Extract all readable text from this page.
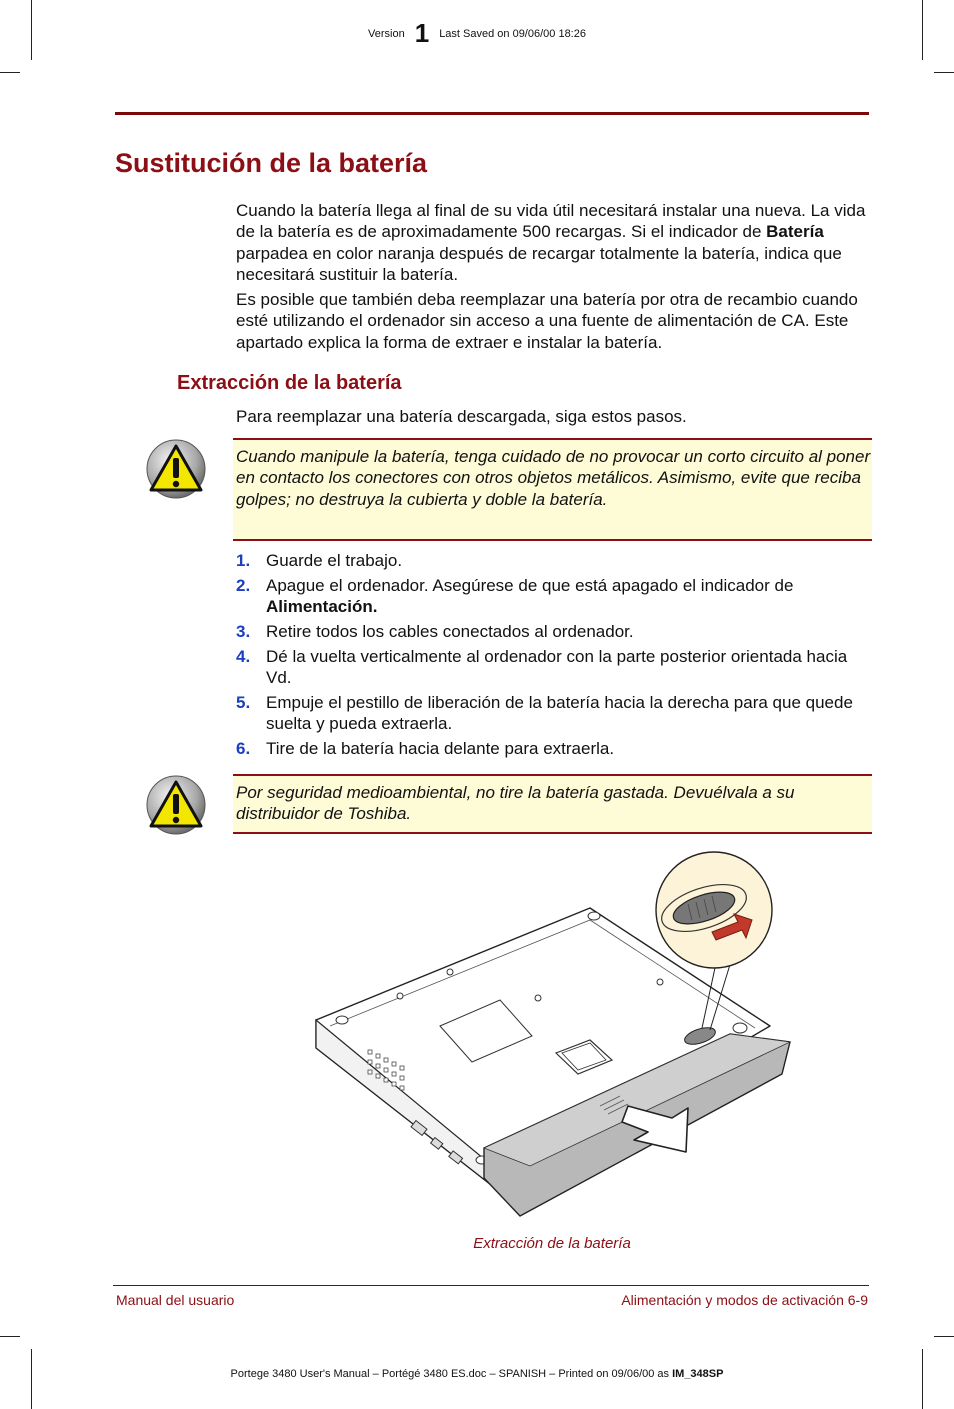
Version 1 Last Saved on 09/06/00 18:26
Sustitución de la batería
Cuando la batería llega al final de su vida útil necesitará instalar una nueva. La vida de la batería es de aproximadamente 500 recargas. Si el indicador de Batería parpadea en color naranja después de recargar totalmente la batería, indica que necesitará sustituir la batería.
Es posible que también deba reemplazar una batería por otra de recambio cuando esté utilizando el ordenador sin acceso a una fuente de alimentación de CA. Este apartado explica la forma de extraer e instalar la batería.
Extracción de la batería
Para reemplazar una batería descargada, siga estos pasos.
Cuando manipule la batería, tenga cuidado de no provocar un corto circuito al poner en contacto los conectores con otros objetos metálicos. Asimismo, evite que reciba golpes; no destruya la cubierta y doble la batería.
1. Guarde el trabajo.
2. Apague el ordenador. Asegúrese de que está apagado el indicador de Alimentación.
3. Retire todos los cables conectados al ordenador.
4. Dé la vuelta verticalmente al ordenador con la parte posterior orientada hacia Vd.
5. Empuje el pestillo de liberación de la batería hacia la derecha para que quede suelta y pueda extraerla.
6. Tire de la batería hacia delante para extraerla.
Por seguridad medioambiental, no tire la batería gastada. Devuélvala a su distribuidor de Toshiba.
Extracción de la batería
Manual del usuario	Alimentación y modos de activación 6-9
Portege 3480 User's Manual – Portégé 3480 ES.doc – SPANISH – Printed on 09/06/00 as IM_348SP
